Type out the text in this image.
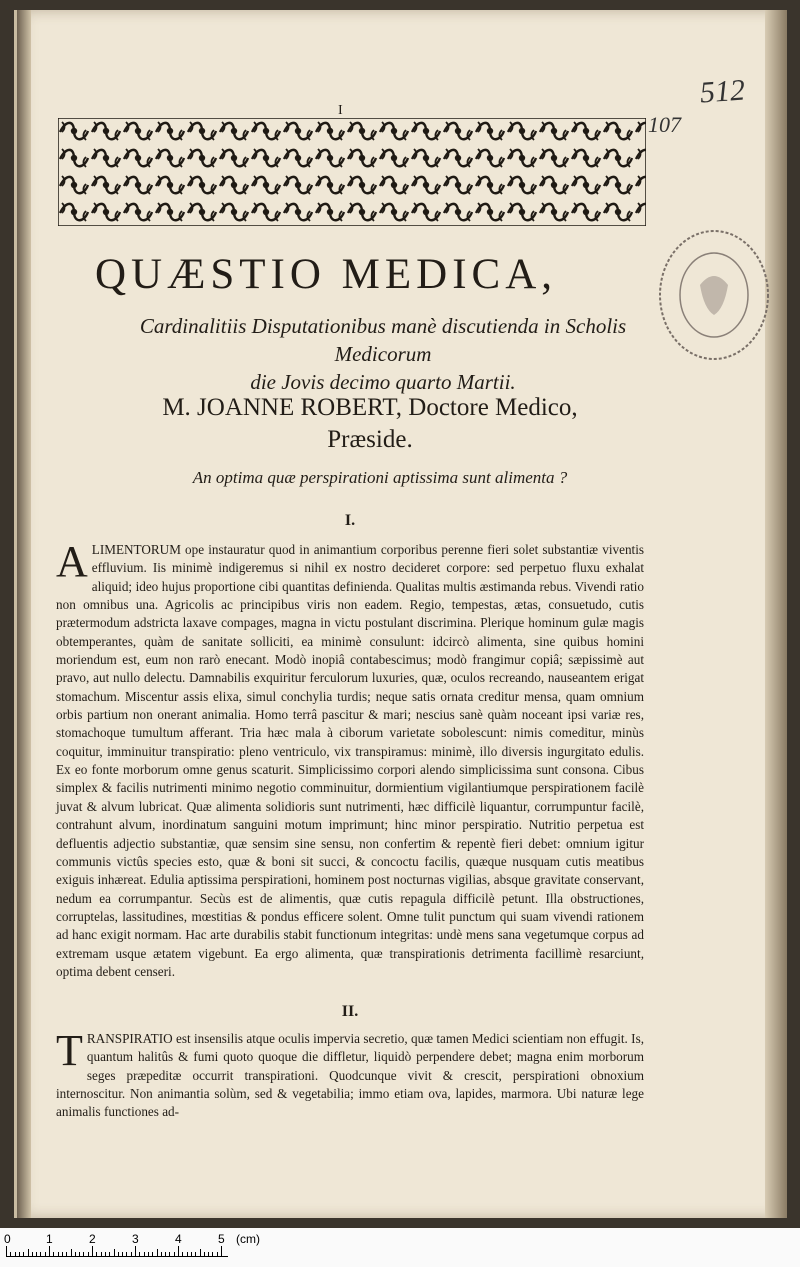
I
512
107
QUÆSTIO MEDICA,
Cardinalitiis Disputationibus manè discutienda in Scholis Medicorum
die Jovis decimo quarto Martii.
M. JOANNE ROBERT, Doctore Medico,
Præside.
An optima quæ perspirationi aptissima sunt alimenta ?
I.
ALIMENTORUM ope instauratur quod in animantium corporibus perenne fieri solet substantiæ viventis effluvium. Iis minimè indigeremus si nihil ex nostro decideret corpore: sed perpetuo fluxu exhalat aliquid; ideo hujus proportione cibi quantitas definienda. Qualitas multis æstimanda rebus. Vivendi ratio non omnibus una. Agricolis ac principibus viris non eadem. Regio, tempestas, ætas, consuetudo, cutis prætermodum adstricta laxave compages, magna in victu postulant discrimina. Plerique hominum gulæ magis obtemperantes, quàm de sanitate solliciti, ea minimè consulunt: idcircò alimenta, sine quibus homini moriendum est, eum non rarò enecant. Modò inopiâ contabescimus; modò frangimur copiâ; sæpissimè aut pravo, aut nullo delectu. Damnabilis exquiritur ferculorum luxuries, quæ, oculos recreando, nauseantem erigat stomachum. Miscentur assis elixa, simul conchylia turdis; neque satis ornata creditur mensa, quam omnium orbis partium non onerant animalia. Homo terrâ pascitur & mari; nescius sanè quàm noceant ipsi variæ res, stomachoque tumultum afferant. Tria hæc mala à ciborum varietate sobolescunt: nimis comeditur, minùs coquitur, imminuitur transpiratio: pleno ventriculo, vix transpiramus: minimè, illo diversis ingurgitato edulis. Ex eo fonte morborum omne genus scaturit. Simplicissimo corpori alendo simplicissima sunt consona. Cibus simplex & facilis nutrimenti minimo negotio comminuitur, dormientium vigilantiumque perspirationem facilè juvat & alvum lubricat. Quæ alimenta solidioris sunt nutrimenti, hæc difficilè liquantur, corrumpuntur facilè, contrahunt alvum, inordinatum sanguini motum imprimunt; hinc minor perspiratio. Nutritio perpetua est defluentis adjectio substantiæ, quæ sensim sine sensu, non confertim & repentè fieri debet: omnium igitur communis victûs species esto, quæ & boni sit succi, & concoctu facilis, quæque nusquam cutis meatibus exiguis inhæreat. Edulia aptissima perspirationi, hominem post nocturnas vigilias, absque gravitate conservant, nedum ea corrumpantur. Secùs est de alimentis, quæ cutis repagula difficilè petunt. Illa obstructiones, corruptelas, lassitudines, mœstitias & pondus efficere solent. Omne tulit punctum qui suam vivendi rationem ad hanc exigit normam. Hac arte durabilis stabit functionum integritas: undè mens sana vegetumque corpus ad extremam usque ætatem vigebunt. Ea ergo alimenta, quæ transpirationis detrimenta facillimè resarciunt, optima debent censeri.
II.
TRANSPIRATIO est insensilis atque oculis impervia secretio, quæ tamen Medici scientiam non effugit. Is, quantum halitûs & fumi quoto quoque die diffletur, liquidò perpendere debet; magna enim morborum seges præpeditæ occurrit transpirationi. Quodcunque vivit & crescit, perspirationi obnoxium internoscitur. Non animantia solùm, sed & vegetabilia; immo etiam ova, lapides, marmora. Ubi naturæ lege animalis functiones ad-
0	1	2	3	4	5 (cm)
